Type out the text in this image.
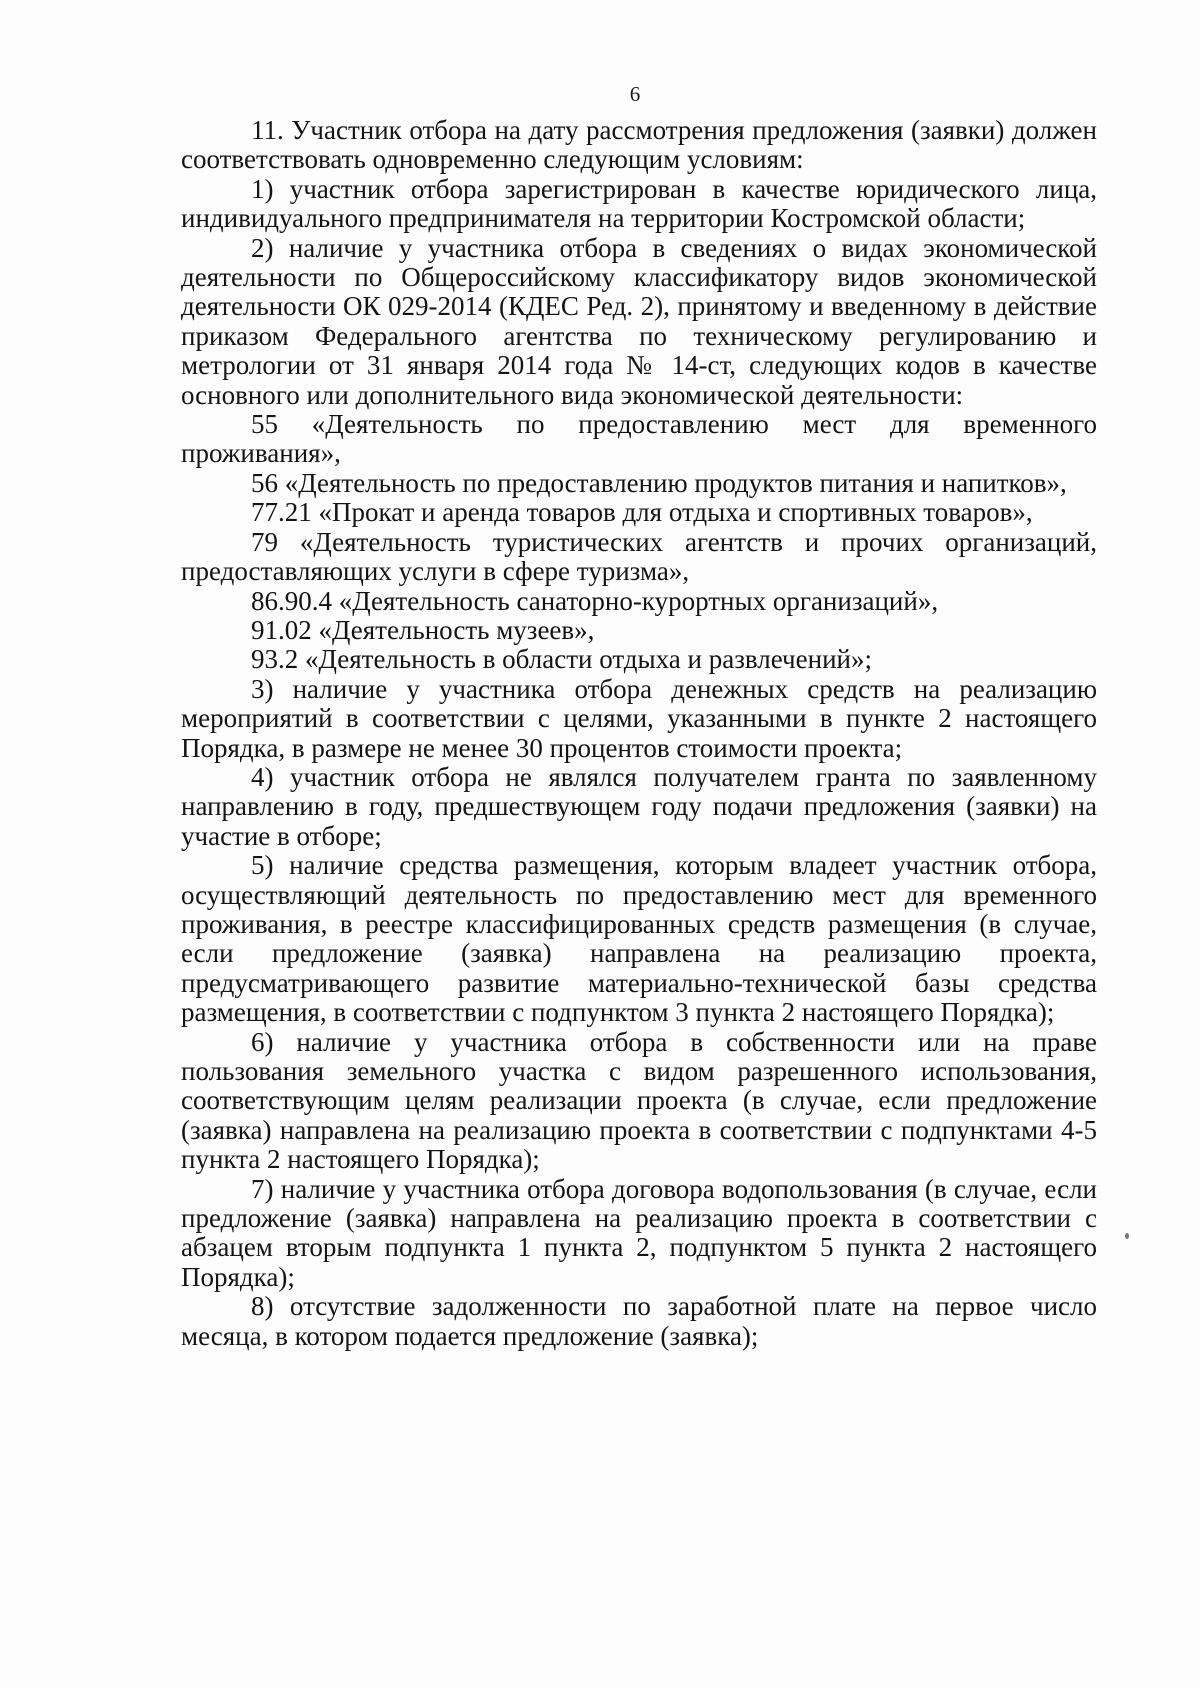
6

11. Участник отбора на дату рассмотрения предложения (заявки) должен соответствовать одновременно следующим условиям:

1) участник отбора зарегистрирован в качестве юридического лица, индивидуального предпринимателя на территории Костромской области;

2) наличие у участника отбора в сведениях о видах экономической деятельности по Общероссийскому классификатору видов экономической деятельности ОК 029-2014 (КДЕС Ред. 2), принятому и введенному в действие приказом Федерального агентства по техническому регулированию и метрологии от 31 января 2014 года № 14-ст, следующих кодов в качестве основного или дополнительного вида экономической деятельности:

55 «Деятельность по предоставлению мест для временного проживания»,

56 «Деятельность по предоставлению продуктов питания и напитков»,

77.21 «Прокат и аренда товаров для отдыха и спортивных товаров»,

79 «Деятельность туристических агентств и прочих организаций, предоставляющих услуги в сфере туризма»,

86.90.4 «Деятельность санаторно-курортных организаций»,

91.02 «Деятельность музеев»,

93.2 «Деятельность в области отдыха и развлечений»;

3) наличие у участника отбора денежных средств на реализацию мероприятий в соответствии с целями, указанными в пункте 2 настоящего Порядка, в размере не менее 30 процентов стоимости проекта;

4) участник отбора не являлся получателем гранта по заявленному направлению в году, предшествующем году подачи предложения (заявки) на участие в отборе;

5) наличие средства размещения, которым владеет участник отбора, осуществляющий деятельность по предоставлению мест для временного проживания, в реестре классифицированных средств размещения (в случае, если предложение (заявка) направлена на реализацию проекта, предусматривающего развитие материально-технической базы средства размещения, в соответствии с подпунктом 3 пункта 2 настоящего Порядка);

6) наличие у участника отбора в собственности или на праве пользования земельного участка с видом разрешенного использования, соответствующим целям реализации проекта (в случае, если предложение (заявка) направлена на реализацию проекта в соответствии с подпунктами 4-5 пункта 2 настоящего Порядка);

7) наличие у участника отбора договора водопользования (в случае, если предложение (заявка) направлена на реализацию проекта в соответствии с абзацем вторым подпункта 1 пункта 2, подпунктом 5 пункта 2 настоящего Порядка);

8) отсутствие задолженности по заработной плате на первое число месяца, в котором подается предложение (заявка);
